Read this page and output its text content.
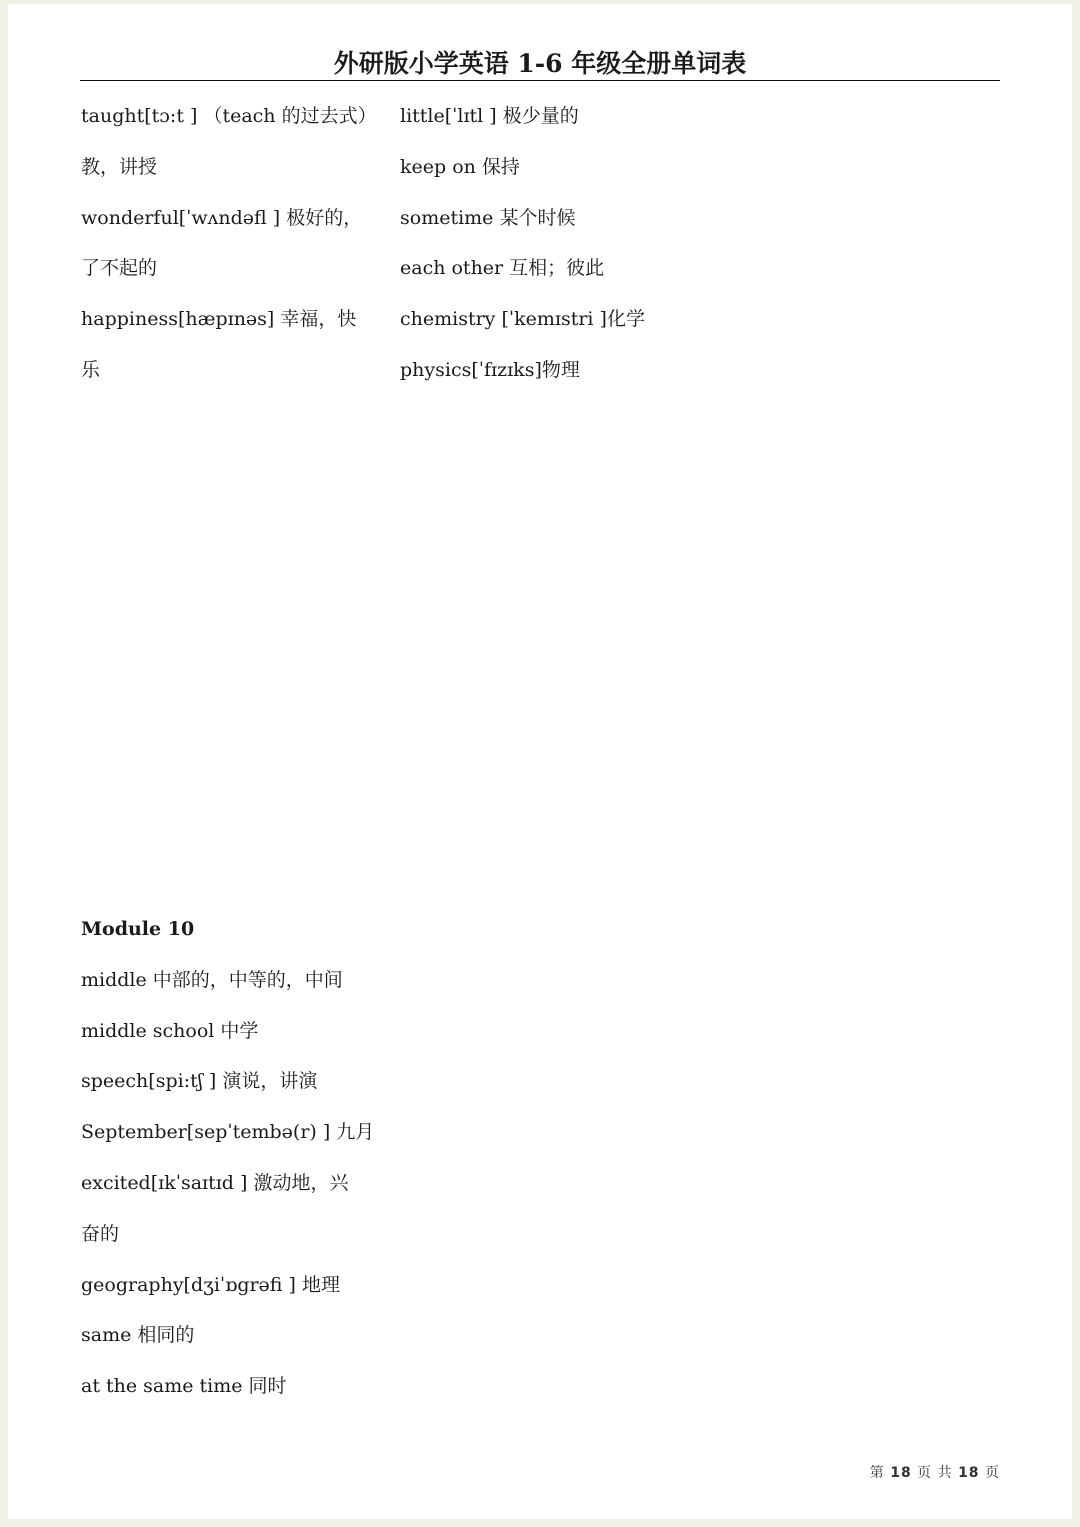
外研版小学英语 1-6 年级全册单词表
taught[tɔ:t ] （teach 的过去式）
教，讲授
wonderful[ˈwʌndəfl ] 极好的，
了不起的
happiness[hæpɪnəs] 幸福，快
乐
little[ˈlɪtl ] 极少量的
keep on 保持
sometime 某个时候
each other 互相；彼此
chemistry [ˈkemɪstri ]化学
physics[ˈfɪzɪks]物理
Module 10
middle 中部的，中等的，中间
middle school 中学
speech[spi:tʃ ] 演说，讲演
September[sepˈtembə(r) ] 九月
excited[ɪkˈsaɪtɪd ] 激动地，兴
奋的
geography[dʒiˈɒgrəfi ] 地理
same 相同的
at the same time 同时
第 18 页 共 18 页
